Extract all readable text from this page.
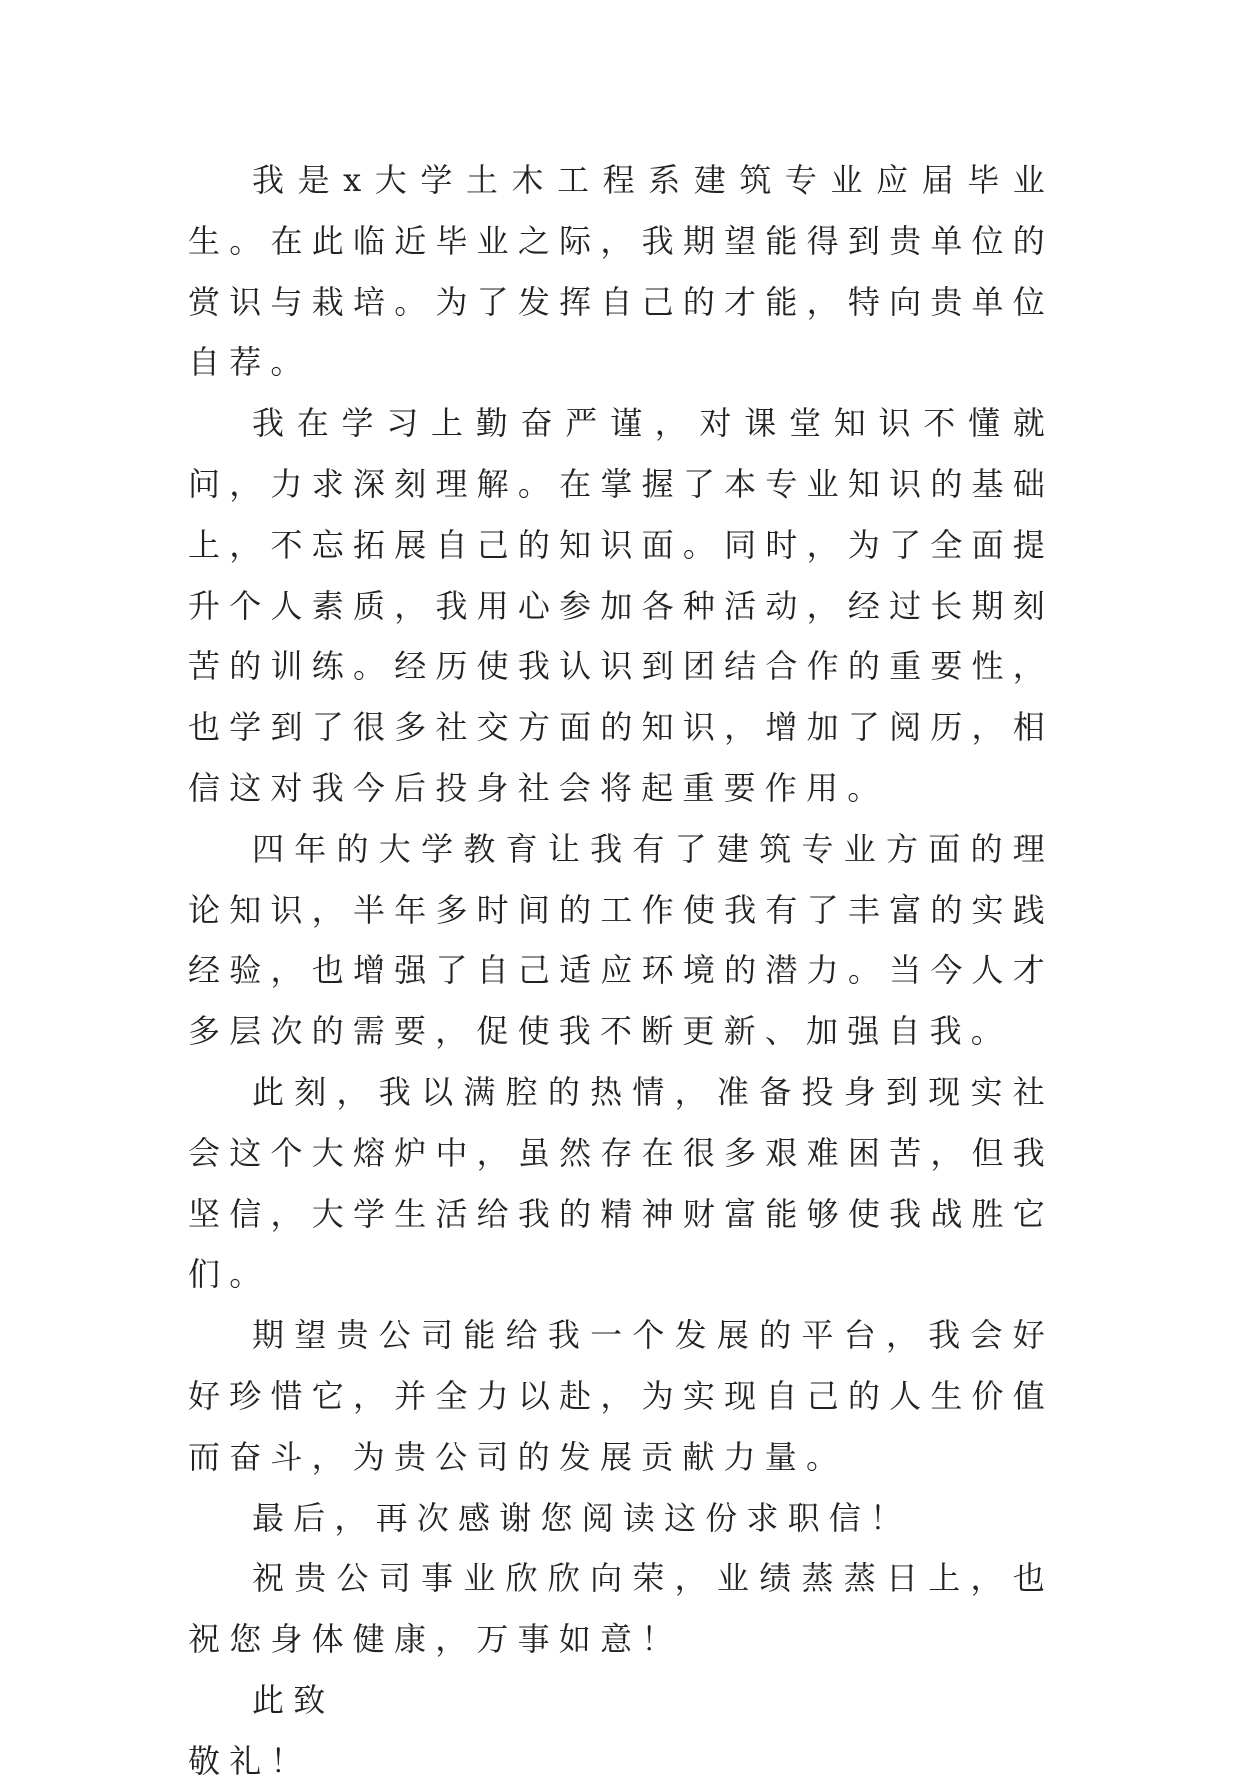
我是x大学土木工程系建筑专业应届毕业生。在此临近毕业之际，我期望能得到贵单位的赏识与栽培。为了发挥自己的才能，特向贵单位自荐。

我在学习上勤奋严谨，对课堂知识不懂就问，力求深刻理解。在掌握了本专业知识的基础上，不忘拓展自己的知识面。同时，为了全面提升个人素质，我用心参加各种活动，经过长期刻苦的训练。经历使我认识到团结合作的重要性，也学到了很多社交方面的知识，增加了阅历，相信这对我今后投身社会将起重要作用。

四年的大学教育让我有了建筑专业方面的理论知识，半年多时间的工作使我有了丰富的实践经验，也增强了自己适应环境的潜力。当今人才多层次的需要，促使我不断更新、加强自我。

此刻，我以满腔的热情，准备投身到现实社会这个大熔炉中，虽然存在很多艰难困苦，但我坚信，大学生活给我的精神财富能够使我战胜它们。

期望贵公司能给我一个发展的平台，我会好好珍惜它，并全力以赴，为实现自己的人生价值而奋斗，为贵公司的发展贡献力量。

最后，再次感谢您阅读这份求职信！

祝贵公司事业欣欣向荣，业绩蒸蒸日上，也祝您身体健康，万事如意！

此致

敬礼！
